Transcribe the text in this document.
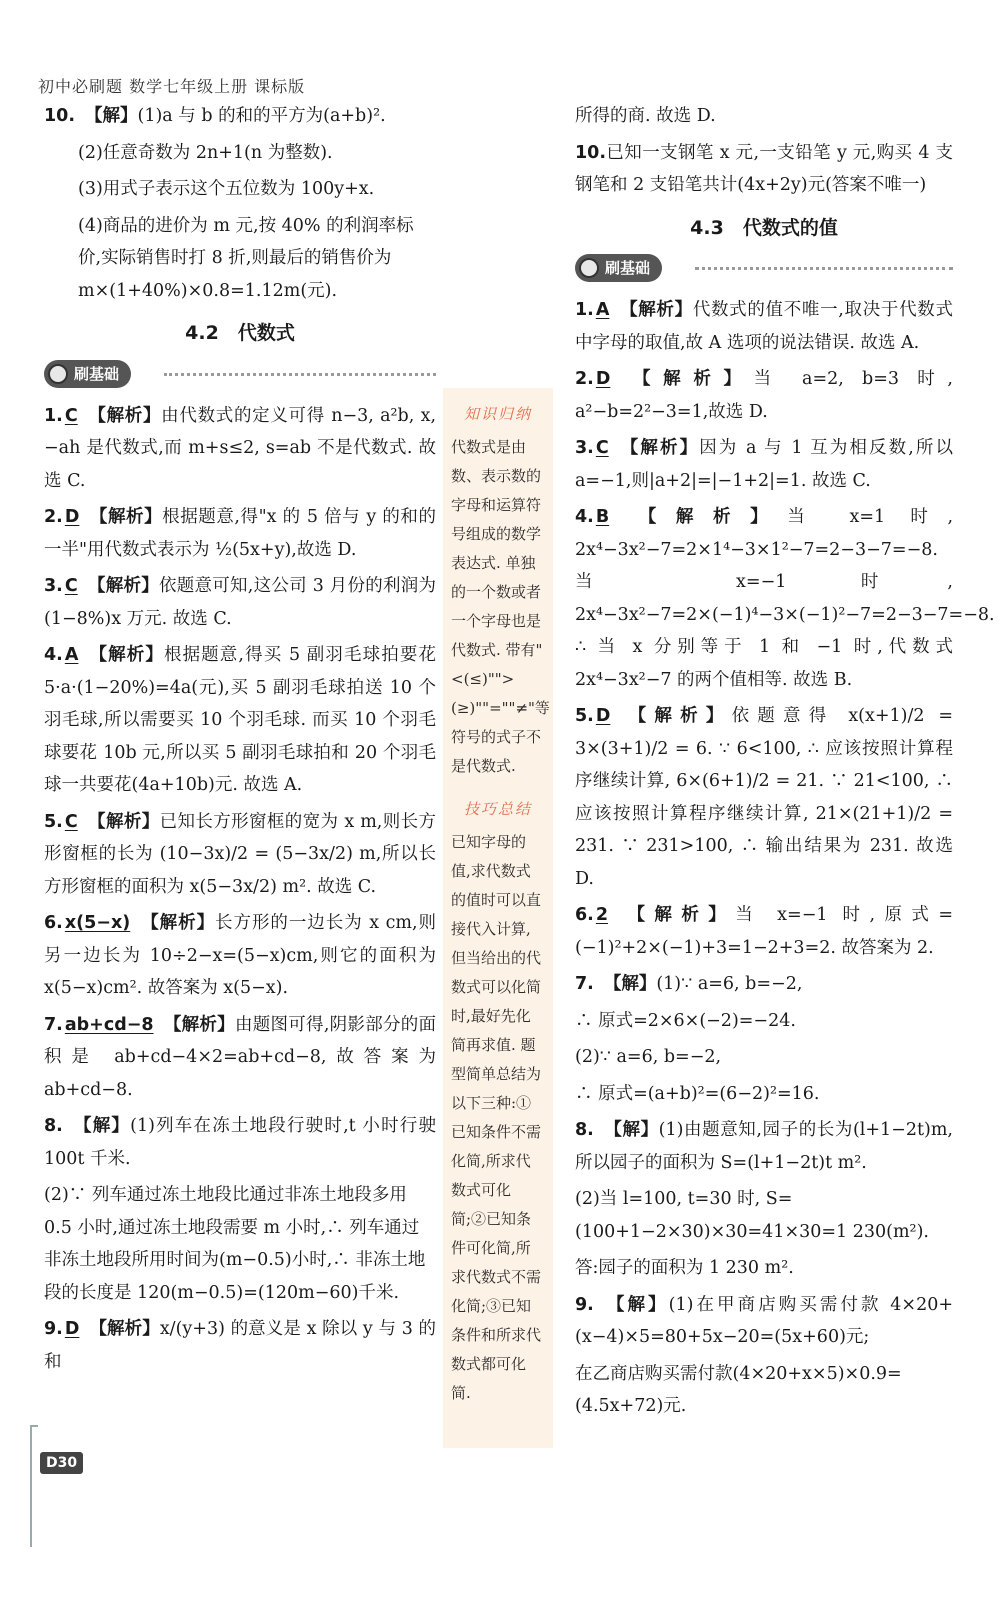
初中必刷题 数学七年级上册 课标版
10. 【解】(1)a 与 b 的和的平方为(a+b)².
(2)任意奇数为 2n+1(n 为整数).
(3)用式子表示这个五位数为 100y+x.
(4)商品的进价为 m 元,按 40% 的利润率标价,实际销售时打 8 折,则最后的销售价为 m×(1+40%)×0.8=1.12m(元).
4.2　代数式
刷基础
1. C 【解析】由代数式的定义可得 n−3, a²b, x, −ah 是代数式,而 m+s≤2, s=ab 不是代数式. 故选 C.
2. D 【解析】根据题意,得"x 的 5 倍与 y 的和的一半"用代数式表示为 ½(5x+y),故选 D.
3. C 【解析】依题意可知,这公司 3 月份的利润为(1−8%)x 万元. 故选 C.
4. A 【解析】根据题意,得买 5 副羽毛球拍要花 5·a·(1−20%)=4a(元),买 5 副羽毛球拍送 10 个羽毛球,所以需要买 10 个羽毛球. 而买 10 个羽毛球要花 10b 元,所以买 5 副羽毛球拍和 20 个羽毛球一共要花(4a+10b)元. 故选 A.
5. C 【解析】已知长方形窗框的宽为 x m,则长方形窗框的长为 (10−3x)/2 = (5−3x/2) m,所以长方形窗框的面积为 x(5−3x/2) m². 故选 C.
6. x(5−x) 【解析】长方形的一边长为 x cm,则另一边长为 10÷2−x=(5−x)cm,则它的面积为 x(5−x)cm². 故答案为 x(5−x).
7. ab+cd−8 【解析】由题图可得,阴影部分的面积是 ab+cd−4×2=ab+cd−8,故答案为 ab+cd−8.
8. 【解】(1)列车在冻土地段行驶时,t 小时行驶 100t 千米.
(2)∵ 列车通过冻土地段比通过非冻土地段多用 0.5 小时,通过冻土地段需要 m 小时,∴ 列车通过非冻土地段所用时间为(m−0.5)小时,∴ 非冻土地段的长度是 120(m−0.5)=(120m−60)千米.
9. D 【解析】x/(y+3) 的意义是 x 除以 y 与 3 的和
知识归纳
代数式是由数、表示数的字母和运算符号组成的数学表达式. 单独的一个数或者一个字母也是代数式. 带有"<(≤)"">(≥)""=""≠"等符号的式子不是代数式.
技巧总结
已知字母的值,求代数式的值时可以直接代入计算,但当给出的代数式可以化简时,最好先化简再求值. 题型简单总结为以下三种:①已知条件不需化简,所求代数式可化简;②已知条件可化简,所求代数式不需化简;③已知条件和所求代数式都可化简.
所得的商. 故选 D.
10.已知一支钢笔 x 元,一支铅笔 y 元,购买 4 支钢笔和 2 支铅笔共计(4x+2y)元(答案不唯一)
4.3　代数式的值
刷基础
1. A 【解析】代数式的值不唯一,取决于代数式中字母的取值,故 A 选项的说法错误. 故选 A.
2. D 【解析】当 a=2, b=3 时, a²−b=2²−3=1,故选 D.
3. C 【解析】因为 a 与 1 互为相反数,所以 a=−1,则|a+2|=|−1+2|=1. 故选 C.
4. B 【解析】当 x=1 时, 2x⁴−3x²−7=2×1⁴−3×1²−7=2−3−7=−8. 当 x=−1 时, 2x⁴−3x²−7=2×(−1)⁴−3×(−1)²−7=2−3−7=−8. ∴ 当 x 分别等于 1 和 −1 时,代数式 2x⁴−3x²−7 的两个值相等. 故选 B.
5. D 【解析】依题意得 x(x+1)/2 = 3×(3+1)/2 = 6. ∵ 6<100, ∴ 应该按照计算程序继续计算, 6×(6+1)/2 = 21. ∵ 21<100, ∴ 应该按照计算程序继续计算, 21×(21+1)/2 = 231. ∵ 231>100, ∴ 输出结果为 231. 故选 D.
6. 2 【解析】当 x=−1 时,原式=(−1)²+2×(−1)+3=1−2+3=2. 故答案为 2.
7. 【解】(1)∵ a=6, b=−2,
∴ 原式=2×6×(−2)=−24.
(2)∵ a=6, b=−2,
∴ 原式=(a+b)²=(6−2)²=16.
8. 【解】(1)由题意知,园子的长为(l+1−2t)m,所以园子的面积为 S=(l+1−2t)t m².
(2)当 l=100, t=30 时, S=(100+1−2×30)×30=41×30=1 230(m²).
答:园子的面积为 1 230 m².
9. 【解】(1)在甲商店购买需付款 4×20+(x−4)×5=80+5x−20=(5x+60)元;
在乙商店购买需付款(4×20+x×5)×0.9=(4.5x+72)元.
D30
